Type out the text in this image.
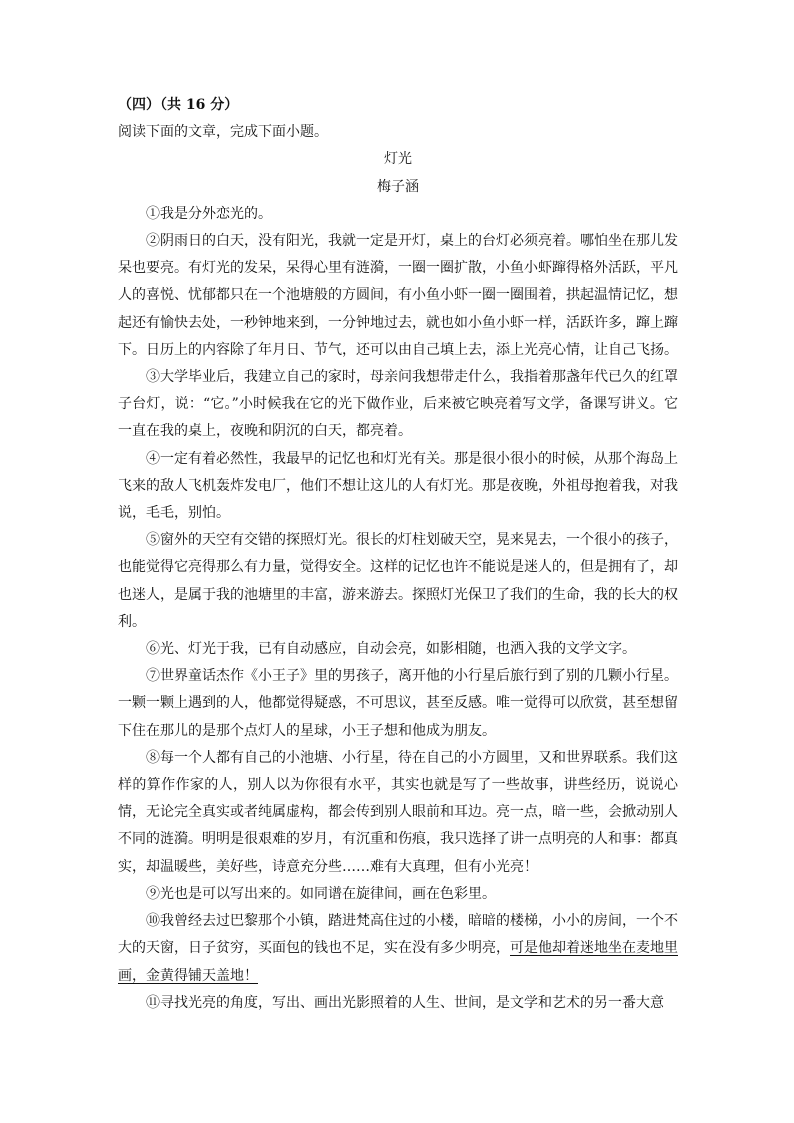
（四）（共 16 分）

阅读下面的文章，完成下面小题。

灯光

梅子涵

①我是分外恋光的。

②阴雨日的白天，没有阳光，我就一定是开灯，桌上的台灯必须亮着。哪怕坐在那儿发呆也要亮。有灯光的发呆，呆得心里有涟漪，一圈一圈扩散，小鱼小虾蹿得格外活跃，平凡人的喜悦、忧郁都只在一个池塘般的方圆间，有小鱼小虾一圈一圈围着，拱起温情记忆，想起还有愉快去处，一秒钟地来到，一分钟地过去，就也如小鱼小虾一样，活跃许多，蹿上蹿下。日历上的内容除了年月日、节气，还可以由自己填上去，添上光亮心情，让自己飞扬。

③大学毕业后，我建立自己的家时，母亲问我想带走什么，我指着那盏年代已久的红罩子台灯，说：“它。”小时候我在它的光下做作业，后来被它映亮着写文学，备课写讲义。它一直在我的桌上，夜晚和阴沉的白天，都亮着。

④一定有着必然性，我最早的记忆也和灯光有关。那是很小很小的时候，从那个海岛上飞来的敌人飞机轰炸发电厂，他们不想让这儿的人有灯光。那是夜晚，外祖母抱着我，对我说，毛毛，别怕。

⑤窗外的天空有交错的探照灯光。很长的灯柱划破天空，晃来晃去，一个很小的孩子，也能觉得它亮得那么有力量，觉得安全。这样的记忆也许不能说是迷人的，但是拥有了，却也迷人，是属于我的池塘里的丰富，游来游去。探照灯光保卫了我们的生命，我的长大的权利。

⑥光、灯光于我，已有自动感应，自动会亮，如影相随，也洒入我的文学文字。

⑦世界童话杰作《小王子》里的男孩子，离开他的小行星后旅行到了别的几颗小行星。一颗一颗上遇到的人，他都觉得疑惑，不可思议，甚至反感。唯一觉得可以欣赏，甚至想留下住在那儿的是那个点灯人的星球，小王子想和他成为朋友。

⑧每一个人都有自己的小池塘、小行星，待在自己的小方圆里，又和世界联系。我们这样的算作作家的人，别人以为你很有水平，其实也就是写了一些故事，讲些经历，说说心情，无论完全真实或者纯属虚构，都会传到别人眼前和耳边。亮一点，暗一些，会掀动别人不同的涟漪。明明是很艰难的岁月，有沉重和伤痕，我只选择了讲一点明亮的人和事：都真实，却温暖些，美好些，诗意充分些……难有大真理，但有小光亮！

⑨光也是可以写出来的。如同谱在旋律间，画在色彩里。

⑩我曾经去过巴黎那个小镇，踏进梵高住过的小楼，暗暗的楼梯，小小的房间，一个不大的天窗，日子贫穷，买面包的钱也不足，实在没有多少明亮，可是他却着迷地坐在麦地里画，金黄得铺天盖地！

⑪寻找光亮的角度，写出、画出光影照着的人生、世间，是文学和艺术的另一番大意
